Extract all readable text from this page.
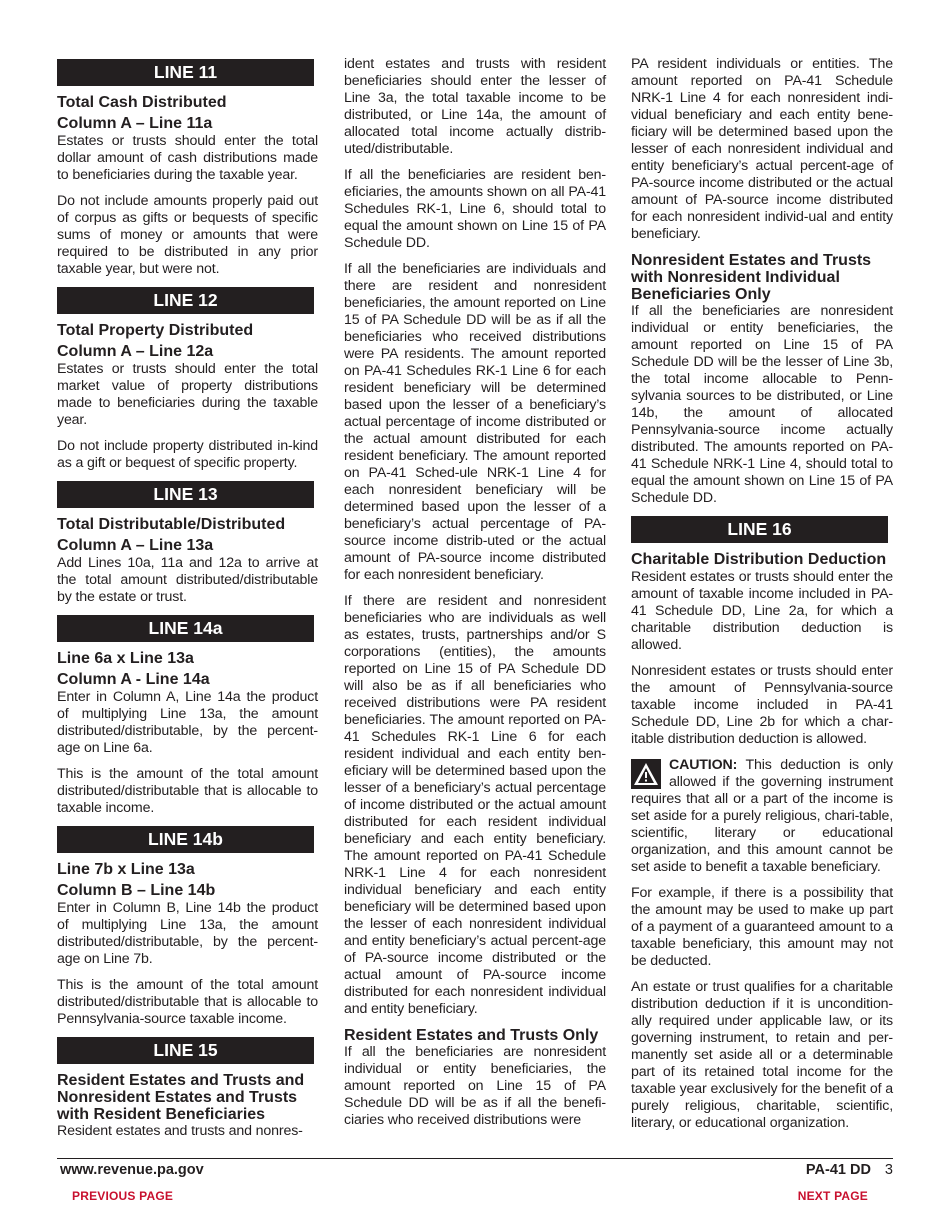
LINE 11
Total Cash Distributed
Column A – Line 11a

Estates or trusts should enter the total dollar amount of cash distributions made to beneficiaries during the taxable year.

Do not include amounts properly paid out of corpus as gifts or bequests of specific sums of money or amounts that were required to be distributed in any prior taxable year, but were not.

LINE 12
Total Property Distributed
Column A – Line 12a

Estates or trusts should enter the total market value of property distributions made to beneficiaries during the taxable year.

Do not include property distributed in-kind as a gift or bequest of specific property.

LINE 13
Total Distributable/Distributed
Column A – Line 13a

Add Lines 10a, 11a and 12a to arrive at the total amount distributed/distributable by the estate or trust.

LINE 14a
Line 6a x Line 13a
Column A - Line 14a

Enter in Column A, Line 14a the product of multiplying Line 13a, the amount distributed/distributable, by the percent-age on Line 6a.

This is the amount of the total amount distributed/distributable that is allocable to taxable income.

LINE 14b
Line 7b x Line 13a
Column B – Line 14b

Enter in Column B, Line 14b the product of multiplying Line 13a, the amount distributed/distributable, by the percent-age on Line 7b.

This is the amount of the total amount distributed/distributable that is allocable to Pennsylvania-source taxable income.

LINE 15
Resident Estates and Trusts and Nonresident Estates and Trusts with Resident Beneficiaries

Resident estates and trusts and nonres-

ident estates and trusts with resident beneficiaries should enter the lesser of Line 3a, the total taxable income to be distributed, or Line 14a, the amount of allocated total income actually distrib-uted/distributable.

If all the beneficiaries are resident ben-eficiaries, the amounts shown on all PA-41 Schedules RK-1, Line 6, should total to equal the amount shown on Line 15 of PA Schedule DD.

If all the beneficiaries are individuals and there are resident and nonresident beneficiaries, the amount reported on Line 15 of PA Schedule DD will be as if all the beneficiaries who received distributions were PA residents. The amount reported on PA-41 Schedules RK-1 Line 6 for each resident beneficiary will be determined based upon the lesser of a beneficiary’s actual percentage of income distributed or the actual amount distributed for each resident beneficiary. The amount reported on PA-41 Sched-ule NRK-1 Line 4 for each nonresident beneficiary will be determined based upon the lesser of a beneficiary’s actual percentage of PA-source income distrib-uted or the actual amount of PA-source income distributed for each nonresident beneficiary.

If there are resident and nonresident beneficiaries who are individuals as well as estates, trusts, partnerships and/or S corporations (entities), the amounts reported on Line 15 of PA Schedule DD will also be as if all beneficiaries who received distributions were PA resident beneficiaries. The amount reported on PA-41 Schedules RK-1 Line 6 for each resident individual and each entity ben-eficiary will be determined based upon the lesser of a beneficiary’s actual percentage of income distributed or the actual amount distributed for each resident individual beneficiary and each entity beneficiary. The amount reported on PA-41 Schedule NRK-1 Line 4 for each nonresident individual beneficiary and each entity beneficiary will be determined based upon the lesser of each nonresident individual and entity beneficiary’s actual percent-age of PA-source income distributed or the actual amount of PA-source income distributed for each nonresident individual and entity beneficiary.

Resident Estates and Trusts Only

If all the beneficiaries are nonresident individual or entity beneficiaries, the amount reported on Line 15 of PA Schedule DD will be as if all the benefi-ciaries who received distributions were

PA resident individuals or entities. The amount reported on PA-41 Schedule NRK-1 Line 4 for each nonresident indi-vidual beneficiary and each entity bene-ficiary will be determined based upon the lesser of each nonresident individual and entity beneficiary’s actual percent-age of PA-source income distributed or the actual amount of PA-source income distributed for each nonresident individ-ual and entity beneficiary.

Nonresident Estates and Trusts with Nonresident Individual Beneficiaries Only

If all the beneficiaries are nonresident individual or entity beneficiaries, the amount reported on Line 15 of PA Schedule DD will be the lesser of Line 3b, the total income allocable to Penn-sylvania sources to be distributed, or Line 14b, the amount of allocated Pennsylvania-source income actually distributed. The amounts reported on PA-41 Schedule NRK-1 Line 4, should total to equal the amount shown on Line 15 of PA Schedule DD.

LINE 16
Charitable Distribution Deduction

Resident estates or trusts should enter the amount of taxable income included in PA-41 Schedule DD, Line 2a, for which a charitable distribution deduction is allowed.

Nonresident estates or trusts should enter the amount of Pennsylvania-source taxable income included in PA-41 Schedule DD, Line 2b for which a char-itable distribution deduction is allowed.

CAUTION: This deduction is only allowed if the governing instrument requires that all or a part of the income is set aside for a purely religious, chari-table, scientific, literary or educational organization, and this amount cannot be set aside to benefit a taxable beneficiary.

For example, if there is a possibility that the amount may be used to make up part of a payment of a guaranteed amount to a taxable beneficiary, this amount may not be deducted.

An estate or trust qualifies for a charitable distribution deduction if it is uncondition-ally required under applicable law, or its governing instrument, to retain and per-manently set aside all or a determinable part of its retained total income for the taxable year exclusively for the benefit of a purely religious, charitable, scientific, literary, or educational organization.

www.revenue.pa.gov	PA-41 DD 3
PREVIOUS PAGE	NEXT PAGE
